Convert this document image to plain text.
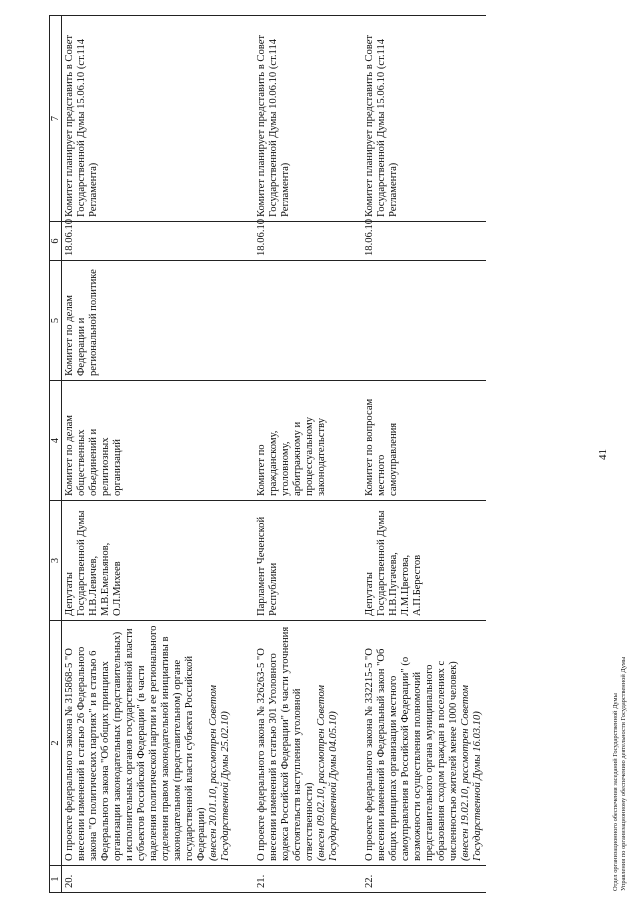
41
1	2	3	4	5	6	7
20.	О проекте федерального закона № 315868-5 "О внесении изменений в статью 26 Федерального закона "О политических партиях" и в статью 6 Федерального закона "Об общих принципах организации законодательных (представительных) и исполнительных органов государственной власти субъектов Российской Федерации" (в части наделения политической партии и ее регионального отделения правом законодательной инициативы в законодательном (представительном) органе государственной власти субъекта Российской Федерации)
(внесен 20.01.10, рассмотрен Советом Государственной Думы 25.02.10)	Депутаты Государственной Думы Н.В.Левичев, М.В.Емельянов, О.Л.Михеев	Комитет по делам общественных объединений и религиозных организаций	Комитет по делам Федерации и региональной политике	18.06.10	Комитет планирует представить в Совет Государственной Думы 15.06.10 (ст.114 Регламента)

21.	О проекте федерального закона № 326263-5 "О внесении изменений в статью 301 Уголовного кодекса Российской Федерации" (в части уточнения обстоятельств наступления уголовной ответственности)
(внесен 09.02.10, рассмотрен Советом Государственной Думы 04.05.10)	Парламент Чеченской Республики	Комитет по гражданскому, уголовному, арбитражному и процессуальному законодательству		18.06.10	Комитет планирует представить в Совет Государственной Думы 10.06.10 (ст.114 Регламента)

22.	О проекте федерального закона № 332215-5 "О внесении изменений в Федеральный закон "Об общих принципах организации местного самоуправления в Российской Федерации" (о возможности осуществления полномочий представительного органа муниципального образования сходом граждан в поселениях с численностью жителей менее 1000 человек)
(внесен 19.02.10, рассмотрен Советом Государственной Думы 16.03.10)	Депутаты Государственной Думы Н.В.Пугачева, Л.М.Цветова, А.П.Берестов	Комитет по вопросам местного самоуправления		18.06.10	Комитет планирует представить в Совет Государственной Думы 15.06.10 (ст.114 Регламента)
Отдел организационного обеспечения заседаний Государственной Думы Управления по организационному обеспечению деятельности Государственной Думы
